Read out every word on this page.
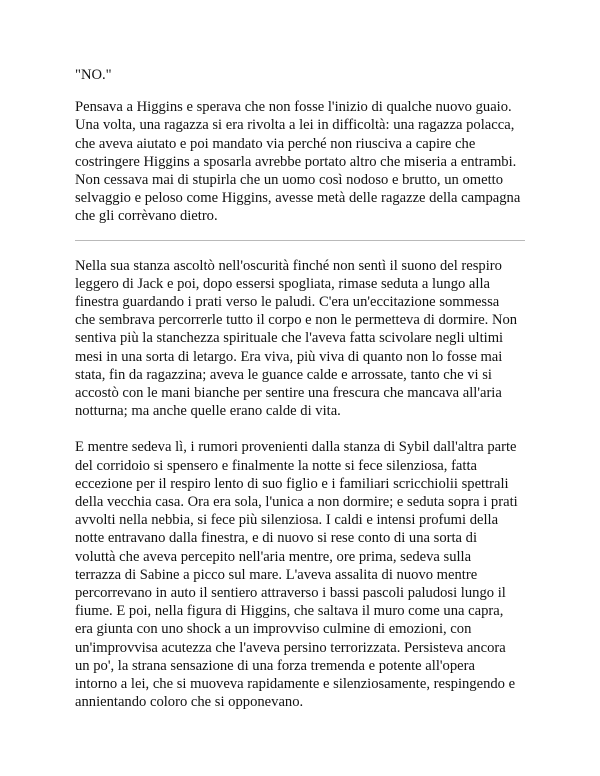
"NO."

Pensava a Higgins e sperava che non fosse l'inizio di qualche nuovo guaio.
Una volta, una ragazza si era rivolta a lei in difficoltà: una ragazza polacca,
che aveva aiutato e poi mandato via perché non riusciva a capire che
costringere Higgins a sposarla avrebbe portato altro che miseria a entrambi.
Non cessava mai di stupirla che un uomo così nodoso e brutto, un ometto
selvaggio e peloso come Higgins, avesse metà delle ragazze della campagna
che gli corrèvano dietro.

Nella sua stanza ascoltò nell'oscurità finché non sentì il suono del respiro
leggero di Jack e poi, dopo essersi spogliata, rimase seduta a lungo alla
finestra guardando i prati verso le paludi. C'era un'eccitazione sommessa
che sembrava percorrerle tutto il corpo e non le permetteva di dormire. Non
sentiva più la stanchezza spirituale che l'aveva fatta scivolare negli ultimi
mesi in una sorta di letargo. Era viva, più viva di quanto non lo fosse mai
stata, fin da ragazzina; aveva le guance calde e arrossate, tanto che vi si
accostò con le mani bianche per sentire una frescura che mancava all'aria
notturna; ma anche quelle erano calde di vita.

E mentre sedeva lì, i rumori provenienti dalla stanza di Sybil dall'altra parte
del corridoio si spensero e finalmente la notte si fece silenziosa, fatta
eccezione per il respiro lento di suo figlio e i familiari scricchiolii spettrali
della vecchia casa. Ora era sola, l'unica a non dormire; e seduta sopra i prati
avvolti nella nebbia, si fece più silenziosa. I caldi e intensi profumi della
notte entravano dalla finestra, e di nuovo si rese conto di una sorta di
voluttà che aveva percepito nell'aria mentre, ore prima, sedeva sulla
terrazza di Sabine a picco sul mare. L'aveva assalita di nuovo mentre
percorrevano in auto il sentiero attraverso i bassi pascoli paludosi lungo il
fiume. E poi, nella figura di Higgins, che saltava il muro come una capra,
era giunta con uno shock a un improvviso culmine di emozioni, con
un'improvvisa acutezza che l'aveva persino terrorizzata. Persisteva ancora
un po', la strana sensazione di una forza tremenda e potente all'opera
intorno a lei, che si muoveva rapidamente e silenziosamente, respingendo e
annientando coloro che si opponevano.
